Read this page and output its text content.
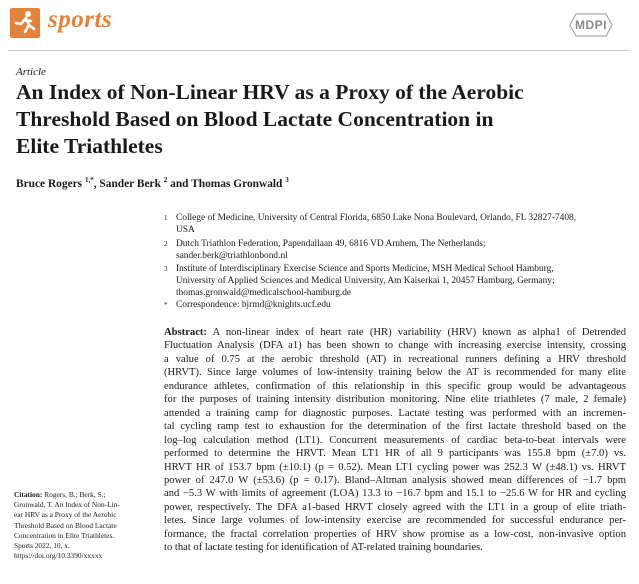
sports	MDPI
Article
An Index of Non-Linear HRV as a Proxy of the Aerobic
Threshold Based on Blood Lactate Concentration in
Elite Triathletes
Bruce Rogers $^{1,*}$, Sander Berk $^2$ and Thomas Gronwald $^3$
1 College of Medicine, University of Central Florida, 6850 Lake Nona Boulevard, Orlando, FL 32827-7408,
USA
2 Dutch Triathlon Federation, Papendallaan 49, 6816 VD Arnhem, The Netherlands;
sander.berk@triathlonbond.nl
3 Institute of Interdisciplinary Exercise Science and Sports Medicine, MSH Medical School Hamburg,
University of Applied Sciences and Medical University, Am Kaiserkai 1, 20457 Hamburg, Germany;
thomas.gronwald@medicalschool-hamburg.de
* Correspondence: bjrmd@knights.ucf.edu
Abstract: A non-linear index of heart rate (HR) variability (HRV) known as alpha1 of Detrended
Fluctuation Analysis (DFA a1) has been shown to change with increasing exercise intensity, crossing
a value of 0.75 at the aerobic threshold (AT) in recreational runners defining a HRV threshold
(HRVT). Since large volumes of low-intensity training below the AT is recommended for many elite
endurance athletes, confirmation of this relationship in this specific group would be advantageous
for the purposes of training intensity distribution monitoring. Nine elite triathletes (7 male, 2 female)
attended a training camp for diagnostic purposes. Lactate testing was performed with an incremen-
tal cycling ramp test to exhaustion for the determination of the first lactate threshold based on the
log–log calculation method (LT1). Concurrent measurements of cardiac beta-to-beat intervals were
performed to determine the HRVT. Mean LT1 HR of all 9 participants was 155.8 bpm (±7.0) vs.
HRVT HR of 153.7 bpm (±10.1) (p = 0.52). Mean LT1 cycling power was 252.3 W (±48.1) vs. HRVT
power of 247.0 W (±53.6) (p = 0.17). Bland–Altman analysis showed mean differences of −1.7 bpm
and −5.3 W with limits of agreement (LOA) 13.3 to −16.7 bpm and 15.1 to −25.6 W for HR and cycling
power, respectively. The DFA a1-based HRVT closely agreed with the LT1 in a group of elite triath-
letes. Since large volumes of low-intensity exercise are recommended for successful endurance per-
formance, the fractal correlation properties of HRV show promise as a low-cost, non-invasive option
to that of lactate testing for identification of AT-related training boundaries.
Citation: Rogers, B.; Berk, S.;
Gronwald, T. An Index of Non-Lin-
ear HRV as a Proxy of the Aerobic
Threshold Based on Blood Lactate
Concentration in Elite Triathletes.
Sports 2022, 10, x.
https://doi.org/10.3390/xxxxx
